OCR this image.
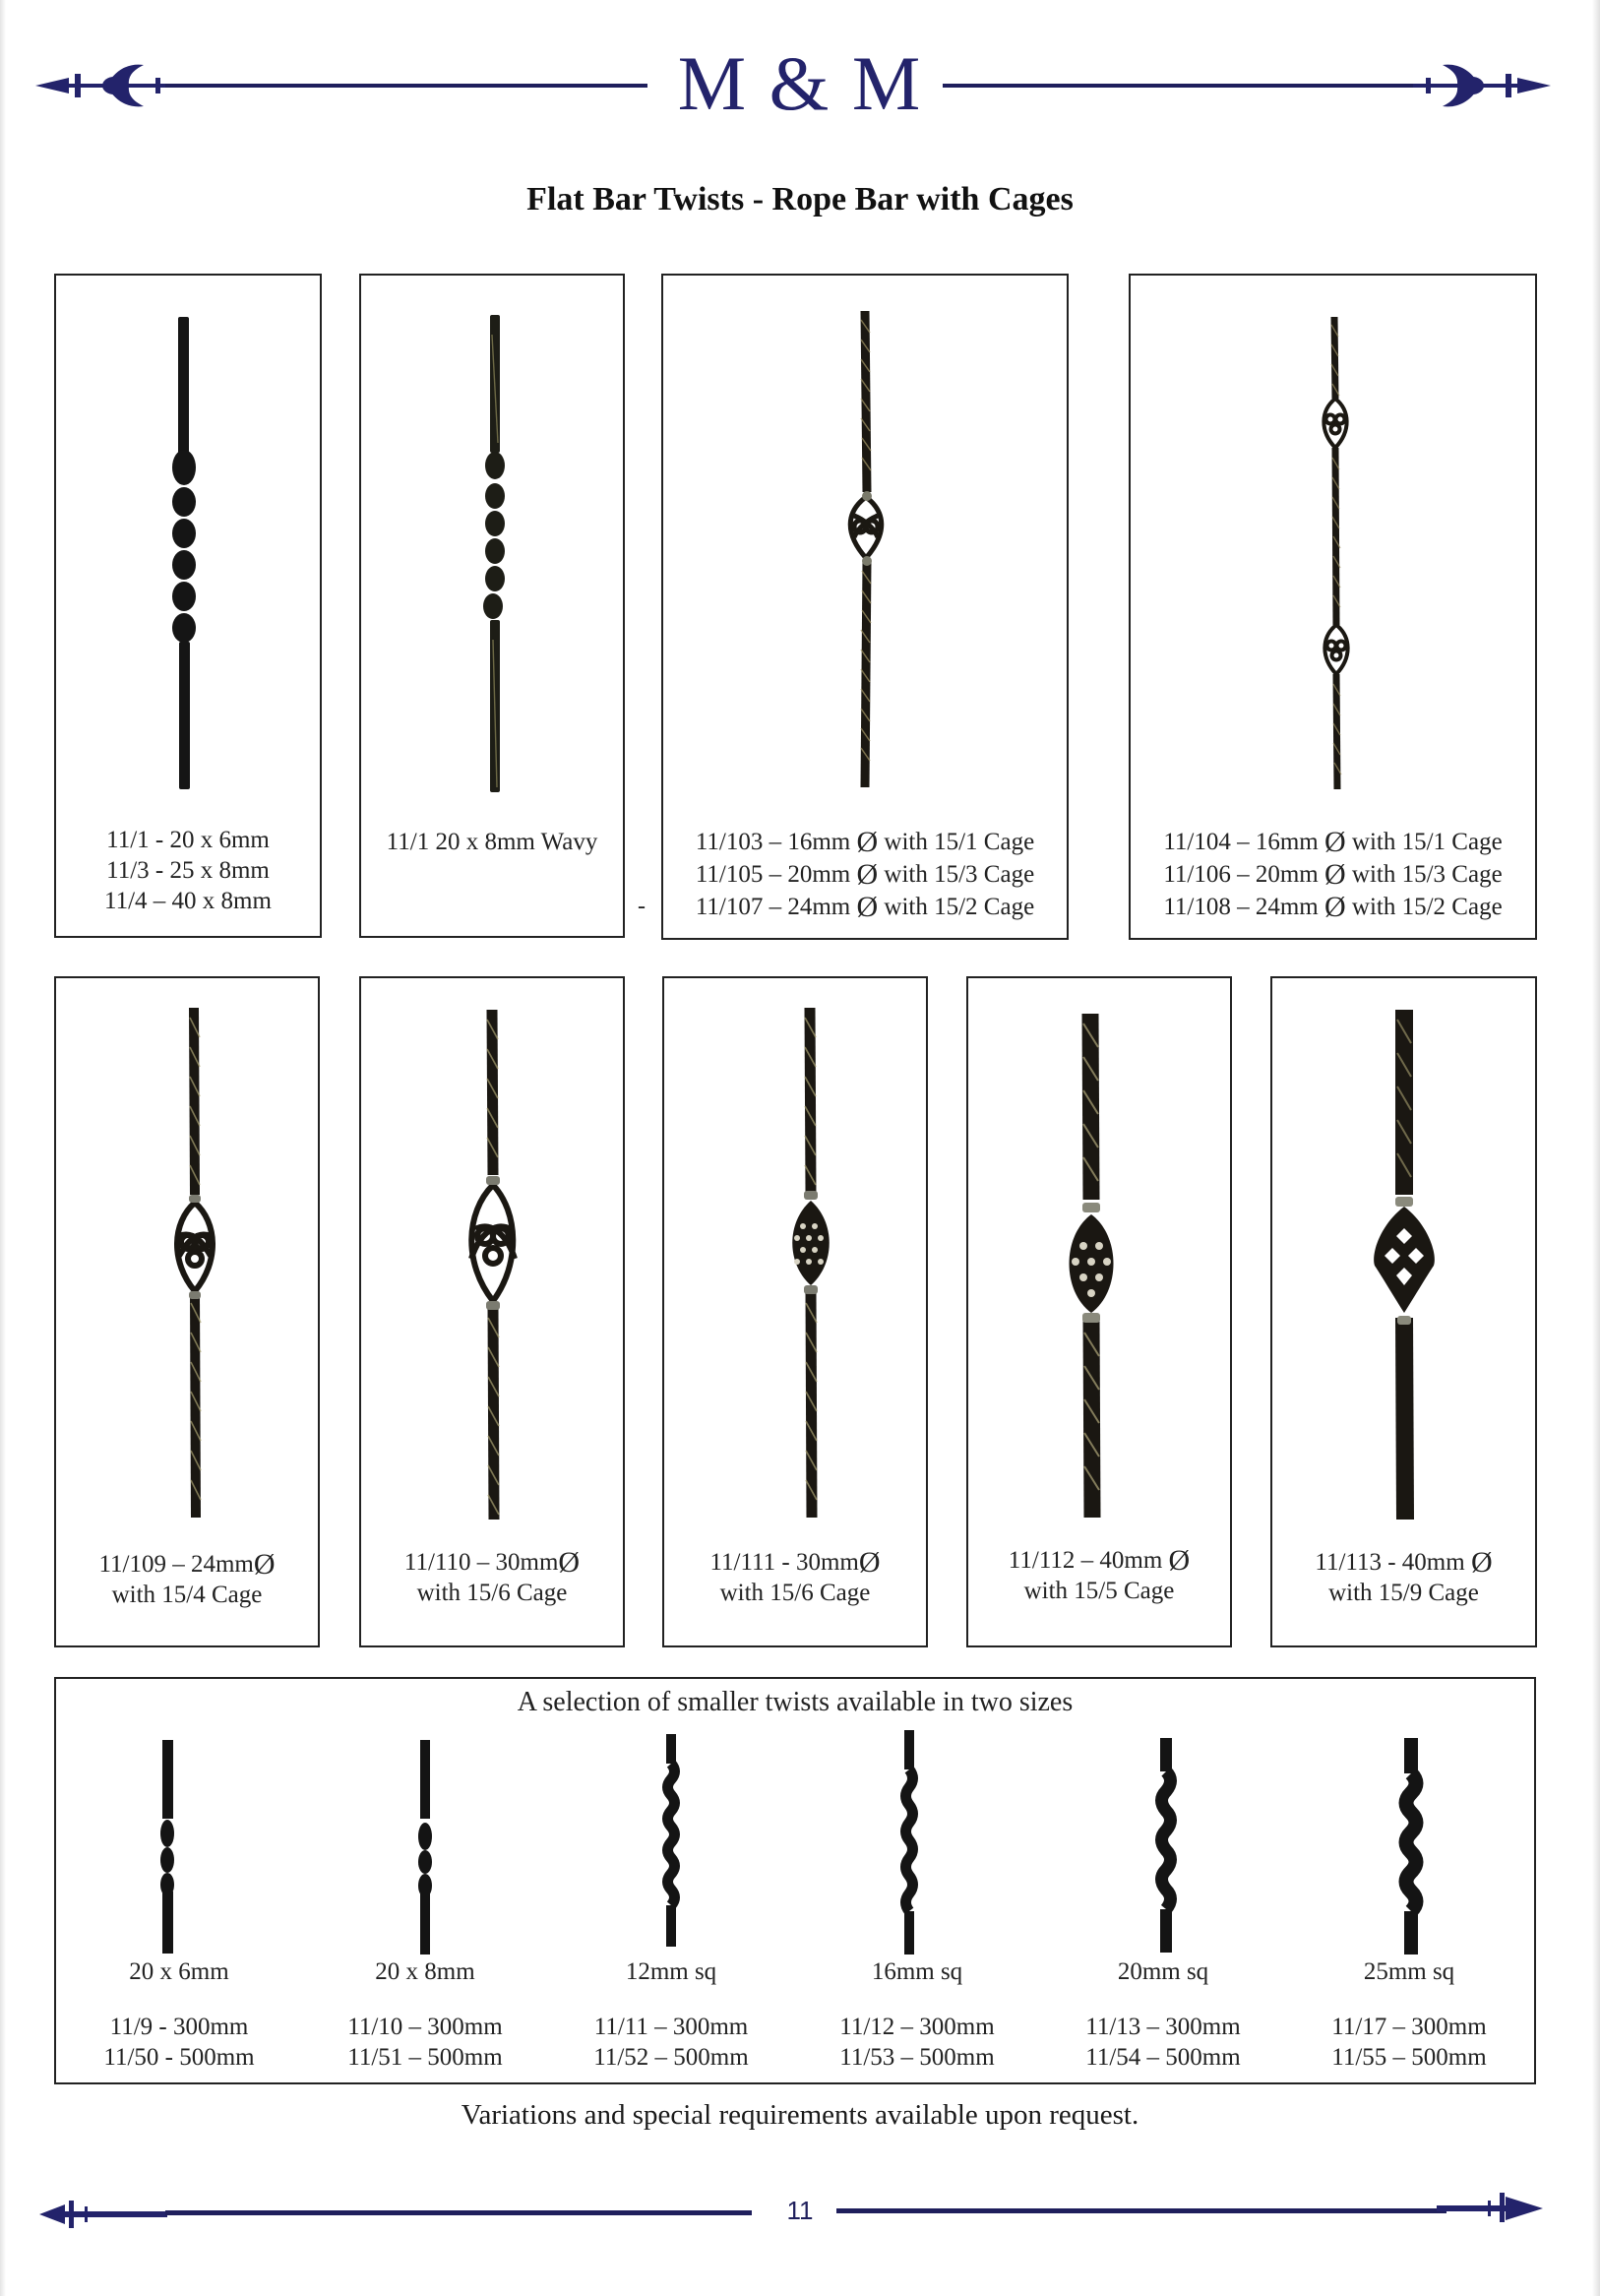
M & M
Flat Bar Twists - Rope Bar with Cages
11/1 - 20 x 6mm
11/3 - 25 x 8mm
11/4 – 40 x 8mm
11/1 20 x 8mm Wavy
-
11/103 – 16mm Ø with 15/1 Cage
11/105 – 20mm Ø with 15/3 Cage
11/107 – 24mm Ø with 15/2 Cage
11/104 – 16mm Ø with 15/1 Cage
11/106 – 20mm Ø with 15/3 Cage
11/108 – 24mm Ø with 15/2 Cage
11/109 – 24mmØ
with 15/4 Cage
11/110 – 30mmØ
with 15/6 Cage
11/111 - 30mmØ
with 15/6 Cage
11/112 – 40mm Ø
with 15/5 Cage
11/113 - 40mm Ø
with 15/9 Cage
A selection of smaller twists available in two sizes
20 x 6mm
11/9 - 300mm
11/50 - 500mm
20 x 8mm
11/10 – 300mm
11/51 – 500mm
12mm sq
11/11 – 300mm
11/52 – 500mm
16mm sq
11/12 – 300mm
11/53 – 500mm
20mm sq
11/13 – 300mm
11/54 – 500mm
25mm sq
11/17 – 300mm
11/55 – 500mm
Variations and special requirements available upon request.
11
